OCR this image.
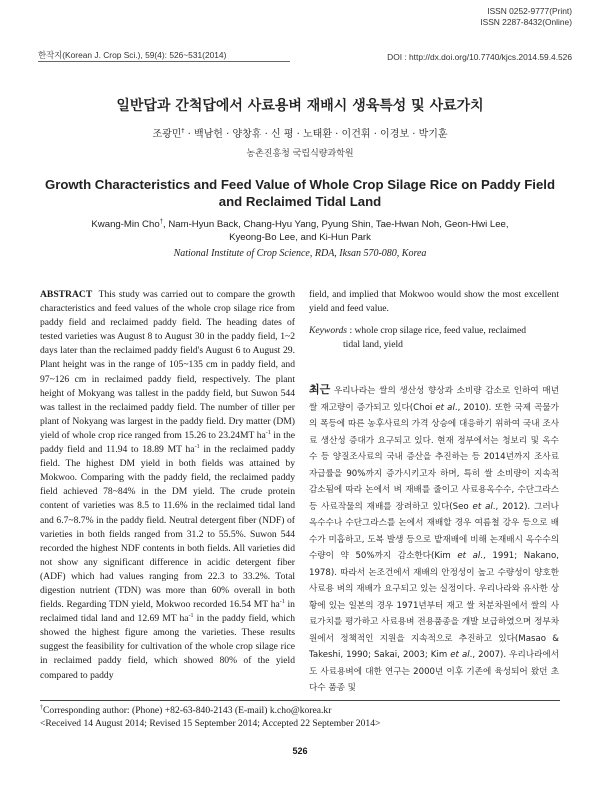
ISSN 0252-9777(Print)
ISSN 2287-8432(Online)
한작지(Korean J. Crop Sci.), 59(4): 526~531(2014)	DOI : http://dx.doi.org/10.7740/kjcs.2014.59.4.526
일반답과 간척답에서 사료용벼 재배시 생육특성 및 사료가치
조광민† · 백남헌 · 양창휴 · 신 평 · 노태환 · 이건휘 · 이경보 · 박기훈
농촌진흥청 국립식량과학원
Growth Characteristics and Feed Value of Whole Crop Silage Rice on Paddy Field
and Reclaimed Tidal Land
Kwang-Min Cho†, Nam-Hyun Back, Chang-Hyu Yang, Pyung Shin, Tae-Hwan Noh, Geon-Hwi Lee,
Kyeong-Bo Lee, and Ki-Hun Park
National Institute of Crop Science, RDA, Iksan 570-080, Korea
ABSTRACT This study was carried out to compare the growth characteristics and feed values of the whole crop silage rice from paddy field and reclaimed paddy field. The heading dates of tested varieties was August 8 to August 30 in the paddy field, 1~2 days later than the reclaimed paddy field's August 6 to August 29. Plant height was in the range of 105~135 cm in paddy field, and 97~126 cm in reclaimed paddy field, respectively. The plant height of Mokyang was tallest in the paddy field, but Suwon 544 was tallest in the reclaimed paddy field. The number of tiller per plant of Nokyang was largest in the paddy field. Dry matter (DM) yield of whole crop rice ranged from 15.26 to 23.24MT $ha^{-1}$ in the paddy field and 11.94 to 18.89 MT $ha^{-1}$ in the reclaimed paddy field. The highest DM yield in both fields was attained by Mokwoo. Comparing with the paddy field, the reclaimed paddy field achieved 78~84% in the DM yield. The crude protein content of varieties was 8.5 to 11.6% in the reclaimed tidal land and 6.7~8.7% in the paddy field. Neutral detergent fiber (NDF) of varieties in both fields ranged from 31.2 to 55.5%. Suwon 544 recorded the highest NDF contents in both fields. All varieties did not show any significant difference in acidic detergent fiber (ADF) which had values ranging from 22.3 to 33.2%. Total digestion nutrient (TDN) was more than 60% overall in both fields. Regarding TDN yield, Mokwoo recorded 16.54 MT $ha^{-1}$ in reclaimed tidal land and 12.69 MT $ha^{-1}$ in the paddy field, which showed the highest figure among the varieties. These results suggest the feasibility for cultivation of the whole crop silage rice in reclaimed paddy field, which showed 80% of the yield compared to paddy
field, and implied that Mokwoo would show the most excellent yield and feed value.
Keywords : whole crop silage rice, feed value, reclaimed
tidal land, yield
최근 우리나라는 쌀의 생산성 향상과 소비량 감소로 인하여 매년 쌀 재고량이 증가되고 있다(Choi et al., 2010). 또한 국제 곡물가의 폭등에 따른 농후사료의 가격 상승에 대응하기 위하여 국내 조사료 생산성 증대가 요구되고 있다. 현재 정부에서는 청보리 및 옥수수 등 양질조사료의 국내 증산을 추진하는 등 2014년까지 조사료 자급률을 90%까지 증가시키고자 하며, 특히 쌀 소비량이 지속적 감소됨에 따라 논에서 벼 재배를 줄이고 사료용옥수수, 수단그라스 등 사료작물의 재배를 장려하고 있다(Seo et al., 2012). 그러나 옥수수나 수단그라스를 논에서 재배할 경우 여름철 강우 등으로 배수가 미흡하고, 도복 발생 등으로 밭재배에 비해 논재배시 옥수수의 수량이 약 50%까지 감소한다(Kim et al., 1991; Nakano, 1978). 따라서 논조건에서 재배의 안정성이 높고 수량성이 양호한 사료용 벼의 재배가 요구되고 있는 실정이다. 우리나라와 유사한 상황에 있는 일본의 경우 1971년부터 재고 쌀 처분차원에서 쌀의 사료가치를 평가하고 사료용벼 전용품종을 개발 보급하였으며 정부차원에서 정책적인 지원을 지속적으로 추진하고 있다(Masao & Takeshi, 1990; Sakai, 2003; Kim et al., 2007). 우리나라에서도 사료용벼에 대한 연구는 2000년 이후 기존에 육성되어 왔던 초다수 품종 및
†Corresponding author: (Phone) +82-63-840-2143 (E-mail) k.cho@korea.kr
<Received 14 August 2014; Revised 15 September 2014; Accepted 22 September 2014>
526
